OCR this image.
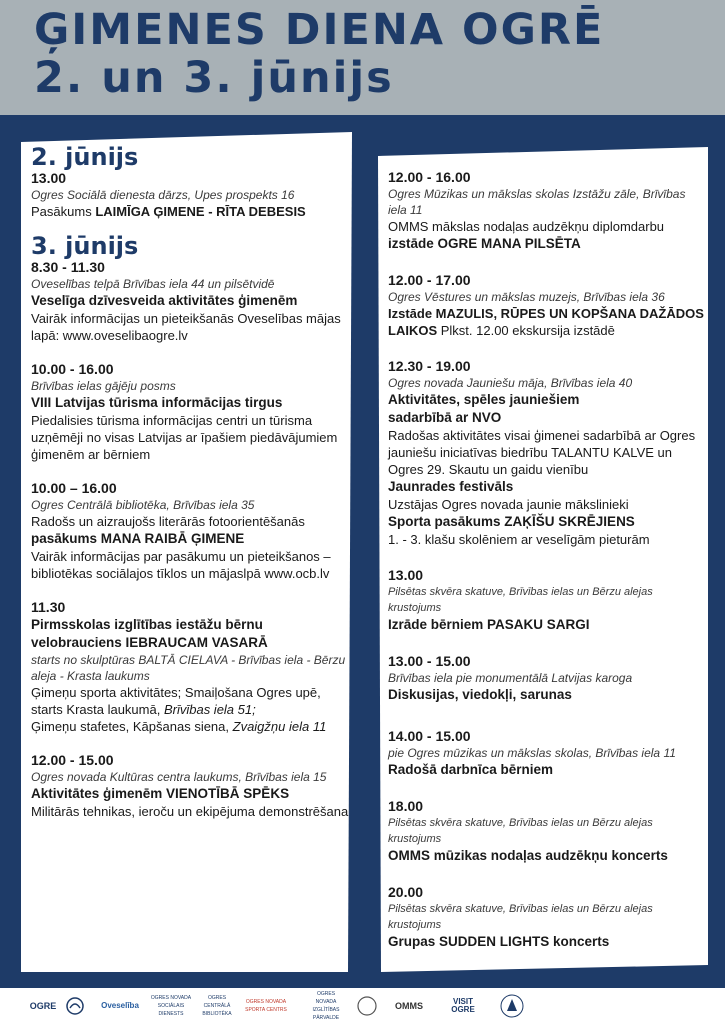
ĢIMENES DIENA OGRĒ
2. un 3. jūnijs
2. jūnijs
13.00
Ogres Sociālā dienesta dārzs, Upes prospekts 16
Pasākums LAIMĪGA ĢIMENE - RĪTA DEBESIS
3. jūnijs
8.30 - 11.30
Oveselības telpā Brīvības iela 44 un pilsētvidē
Veselīga dzīvesveida aktivitātes ģimenēm
Vairāk informācijas un pieteikšanās Oveselības mājas lapā: www.oveselibaogre.lv
10.00 - 16.00
Brīvības ielas gājēju posms
VIII Latvijas tūrisma informācijas tirgus
Piedalisies tūrisma informācijas centri un tūrisma uzņēmēji no visas Latvijas ar īpašiem piedāvājumiem ģimenēm ar bērniem
10.00 – 16.00
Ogres Centrālā bibliotēka, Brīvības iela 35
Radošs un aizraujošs literārās fotoorientēšanās
pasākums MANA RAIBĀ ĢIMENE
Vairāk informācijas par pasākumu un pieteikšanos – bibliotēkas sociālajos tīklos un mājaslpā www.ocb.lv
11.30
Pirmsskolas izglītības iestāžu bērnu velobrauciens IEBRAUCAM VASARĀ
starts no skulptūras BALTĀ CIELAVA - Brīvības iela - Bērzu aleja - Krasta laukums
Ģimeņu sporta aktivitātes; Smaiļošana Ogres upē, starts Krasta laukumā, Brīvības iela 51;
Ģimeņu stafetes, Kāpšanas siena, Zvaigžņu iela 11
12.00 - 15.00
Ogres novada Kultūras centra laukums, Brīvības iela 15
Aktivitātes ģimenēm VIENOTĪBĀ SPĒKS
Militārās tehnikas, ieroču un ekipējuma demonstrēšana
12.00 - 16.00
Ogres Mūzikas un mākslas skolas Izstāžu zāle, Brīvības iela 11
OMMS mākslas nodaļas audzēkņu diplomdarbu
izstāde OGRE MANA PILSĒTA
12.00 - 17.00
Ogres Vēstures un mākslas muzejs, Brīvības iela 36
Izstāde MAZULIS, RŪPES UN KOPŠANA DAŽĀDOS LAIKOS Plkst. 12.00 ekskursija izstādē
12.30 - 19.00
Ogres novada Jauniešu māja, Brīvības iela 40
Aktivitātes, spēles jauniešiem sadarbībā ar NVO
Radošas aktivitātes visai ģimenei sadarbībā ar Ogres jauniešu iniciatīvas biedrību TALANTU KALVE un Ogres 29. Skautu un gaidu vienību
Jaunrades festivāls
Uzstājas Ogres novada jaunie mākslinieki
Sporta pasākums ZAĶĪŠU SKRĒJIENS
1. - 3. klašu skolēniem ar veselīgām pieturām
13.00
Pilsētas skvēra skatuve, Brīvības ielas un Bērzu alejas krustojums
Izrāde bērniem PASAKU SARGI
13.00 - 15.00
Brīvības iela pie monumentālā Latvijas karoga
Diskusijas, viedokļi, sarunas
14.00 - 15.00
pie Ogres mūzikas un mākslas skolas, Brīvības iela 11
Radošā darbnīca bērniem
18.00
Pilsētas skvēra skatuve, Brīvības ielas un Bērzu alejas krustojums
OMMS mūzikas nodaļas audzēkņu koncerts
20.00
Pilsētas skvēra skatuve, Brīvības ielas un Bērzu alejas krustojums
Grupas SUDDEN LIGHTS koncerts
2023
OGRE	Oveselība
OGRES NOVADA SOCIĀLAIS DIENESTS
OGRES CENTRĀLĀ BIBLIOTĒKA
OGRES NOVADA SPORTA CENTRS
OGRES NOVADA IZGLĪTĪBAS PĀRVALDE
OMMS	VISIT OGRE
